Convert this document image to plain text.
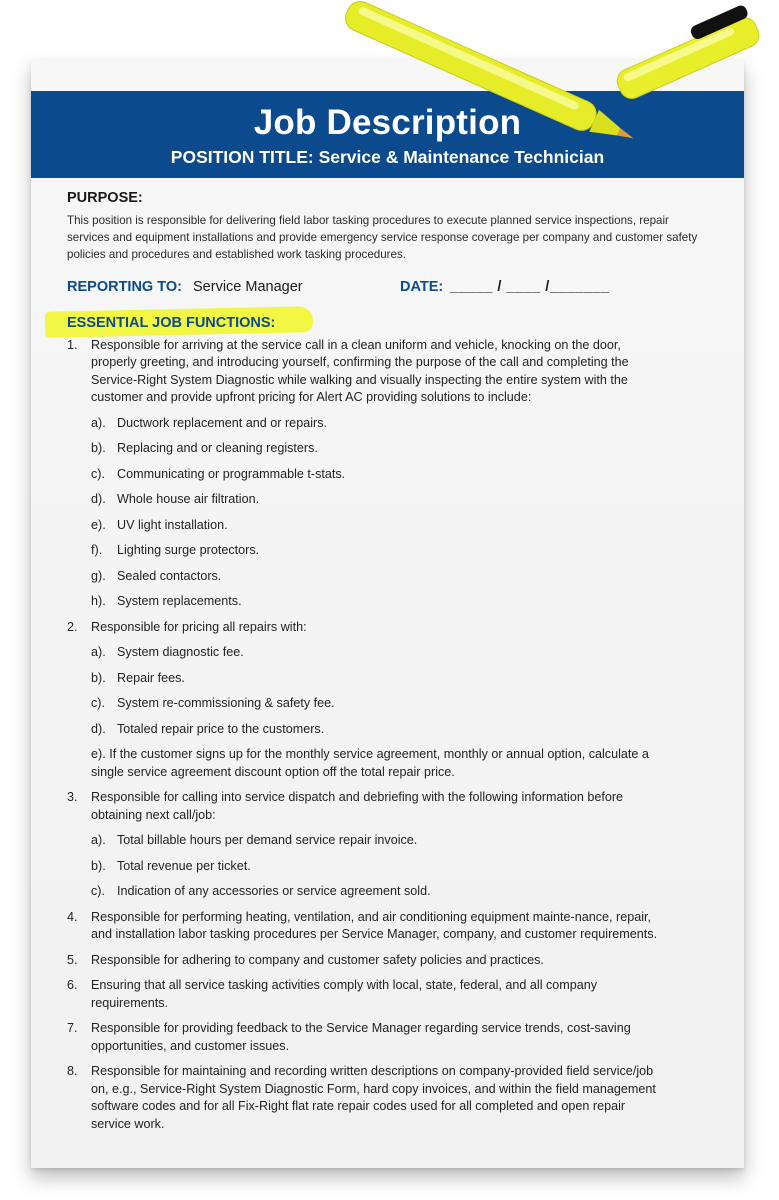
Job Description
POSITION TITLE: Service & Maintenance Technician
PURPOSE:
This position is responsible for delivering field labor tasking procedures to execute planned service inspections, repair
services and equipment installations and provide emergency service response coverage per company and customer safety
policies and procedures and established work tasking procedures.
REPORTING TO: Service Manager	DATE: _____ / ____ /_______
ESSENTIAL JOB FUNCTIONS:
1. Responsible for arriving at the service call in a clean uniform and vehicle, knocking on the door,
properly greeting, and introducing yourself, confirming the purpose of the call and completing the
Service-Right System Diagnostic while walking and visually inspecting the entire system with the
customer and provide upfront pricing for Alert AC providing solutions to include:
a). Ductwork replacement and or repairs.
b). Replacing and or cleaning registers.
c). Communicating or programmable t-stats.
d). Whole house air filtration.
e). UV light installation.
f). Lighting surge protectors.
g). Sealed contactors.
h). System replacements.
2. Responsible for pricing all repairs with:
a). System diagnostic fee.
b). Repair fees.
c). System re-commissioning & safety fee.
d). Totaled repair price to the customers.
e). If the customer signs up for the monthly service agreement, monthly or annual option, calculate a
single service agreement discount option off the total repair price.
3. Responsible for calling into service dispatch and debriefing with the following information before
obtaining next call/job:
a). Total billable hours per demand service repair invoice.
b). Total revenue per ticket.
c). Indication of any accessories or service agreement sold.
4. Responsible for performing heating, ventilation, and air conditioning equipment mainte-nance, repair,
and installation labor tasking procedures per Service Manager, company, and customer requirements.
5. Responsible for adhering to company and customer safety policies and practices.
6. Ensuring that all service tasking activities comply with local, state, federal, and all company
requirements.
7. Responsible for providing feedback to the Service Manager regarding service trends, cost-saving
opportunities, and customer issues.
8. Responsible for maintaining and recording written descriptions on company-provided field service/job
on, e.g., Service-Right System Diagnostic Form, hard copy invoices, and within the field management
software codes and for all Fix-Right flat rate repair codes used for all completed and open repair
service work.
